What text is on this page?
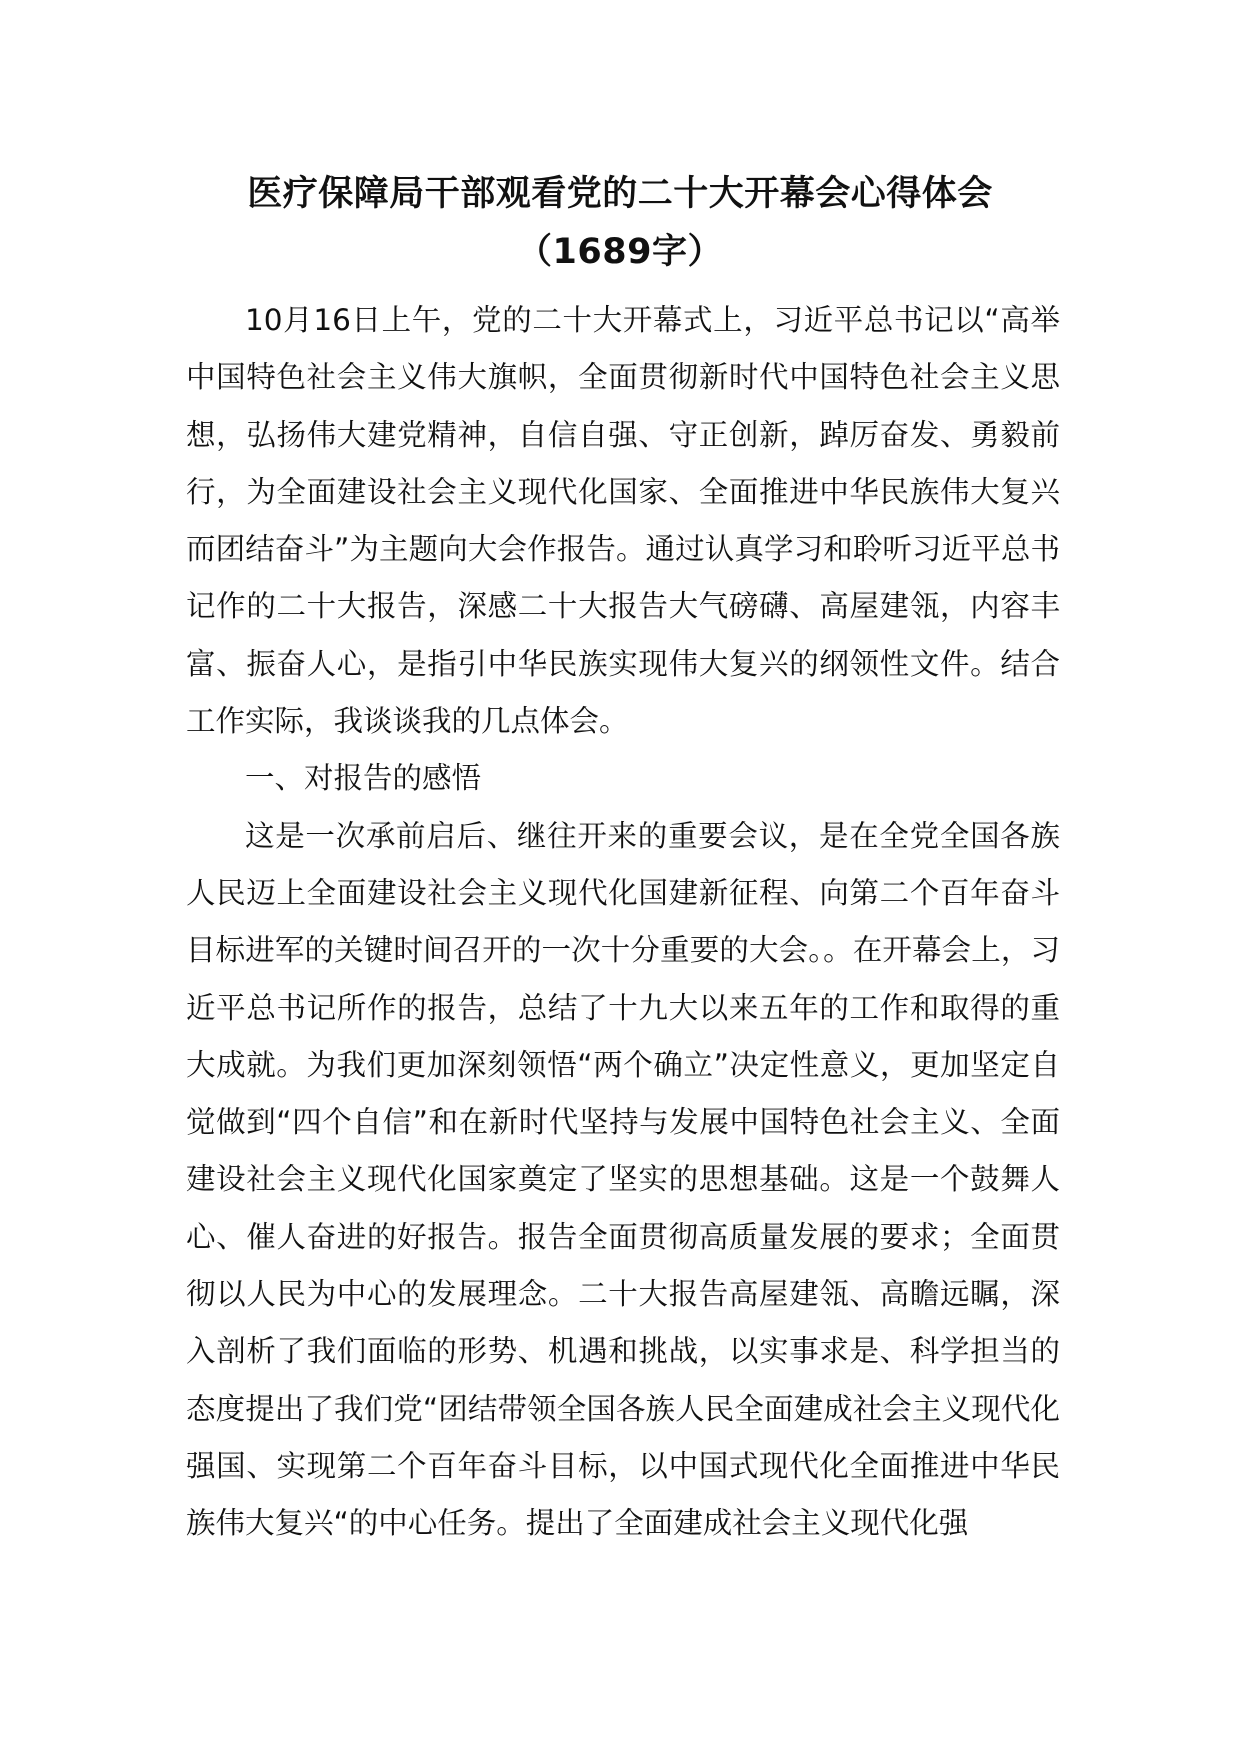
医疗保障局干部观看党的二十大开幕会心得体会（1689字）

10月16日上午，党的二十大开幕式上，习近平总书记以“高举中国特色社会主义伟大旗帜，全面贯彻新时代中国特色社会主义思想，弘扬伟大建党精神，自信自强、守正创新，踔厉奋发、勇毅前行，为全面建设社会主义现代化国家、全面推进中华民族伟大复兴而团结奋斗”为主题向大会作报告。通过认真学习和聆听习近平总书记作的二十大报告，深感二十大报告大气磅礴、高屋建瓴，内容丰富、振奋人心，是指引中华民族实现伟大复兴的纲领性文件。结合工作实际，我谈谈我的几点体会。

一、对报告的感悟

这是一次承前启后、继往开来的重要会议，是在全党全国各族人民迈上全面建设社会主义现代化国建新征程、向第二个百年奋斗目标进军的关键时间召开的一次十分重要的大会。。在开幕会上，习近平总书记所作的报告，总结了十九大以来五年的工作和取得的重大成就。为我们更加深刻领悟“两个确立”决定性意义，更加坚定自觉做到“四个自信”和在新时代坚持与发展中国特色社会主义、全面建设社会主义现代化国家奠定了坚实的思想基础。这是一个鼓舞人心、催人奋进的好报告。报告全面贯彻高质量发展的要求；全面贯彻以人民为中心的发展理念。二十大报告高屋建瓴、高瞻远瞩，深入剖析了我们面临的形势、机遇和挑战，以实事求是、科学担当的态度提出了我们党“团结带领全国各族人民全面建成社会主义现代化强国、实现第二个百年奋斗目标，以中国式现代化全面推进中华民族伟大复兴“的中心任务。提出了全面建成社会主义现代化强
